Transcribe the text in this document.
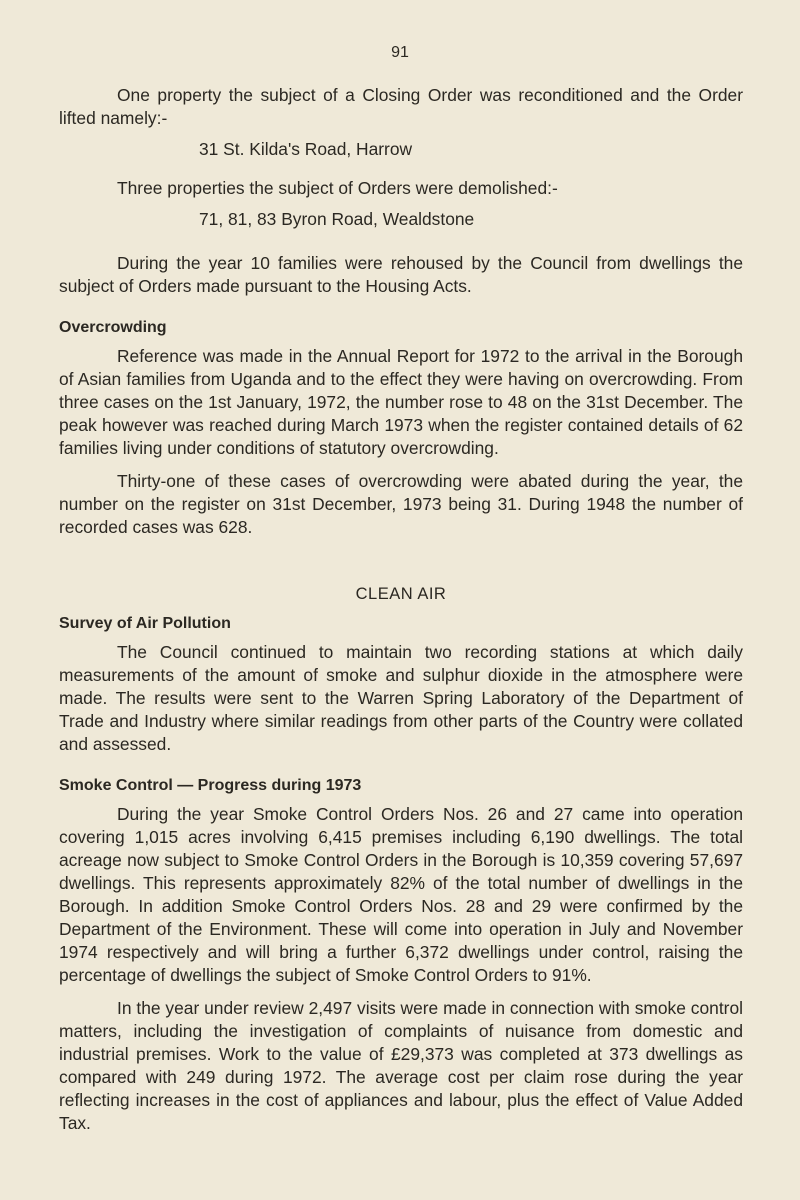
91

One property the subject of a Closing Order was reconditioned and the Order lifted namely:-

31 St. Kilda's Road, Harrow

Three properties the subject of Orders were demolished:-

71, 81, 83 Byron Road, Wealdstone

During the year 10 families were rehoused by the Council from dwellings the subject of Orders made pursuant to the Housing Acts.

Overcrowding

Reference was made in the Annual Report for 1972 to the arrival in the Borough of Asian families from Uganda and to the effect they were having on overcrowding. From three cases on the 1st January, 1972, the number rose to 48 on the 31st December. The peak however was reached during March 1973 when the register contained details of 62 families living under conditions of statutory overcrowding.

Thirty-one of these cases of overcrowding were abated during the year, the number on the register on 31st December, 1973 being 31. During 1948 the number of recorded cases was 628.

CLEAN AIR
Survey of Air Pollution

The Council continued to maintain two recording stations at which daily measurements of the amount of smoke and sulphur dioxide in the atmosphere were made. The results were sent to the Warren Spring Laboratory of the Department of Trade and Industry where similar readings from other parts of the Country were collated and assessed.

Smoke Control — Progress during 1973

During the year Smoke Control Orders Nos. 26 and 27 came into operation covering 1,015 acres involving 6,415 premises including 6,190 dwellings. The total acreage now subject to Smoke Control Orders in the Borough is 10,359 covering 57,697 dwellings. This represents approximately 82% of the total number of dwellings in the Borough. In addition Smoke Control Orders Nos. 28 and 29 were confirmed by the Department of the Environment. These will come into operation in July and November 1974 respectively and will bring a further 6,372 dwellings under control, raising the percentage of dwellings the subject of Smoke Control Orders to 91%.

In the year under review 2,497 visits were made in connection with smoke control matters, including the investigation of complaints of nuisance from domestic and industrial premises. Work to the value of £29,373 was completed at 373 dwellings as compared with 249 during 1972. The average cost per claim rose during the year reflecting increases in the cost of appliances and labour, plus the effect of Value Added Tax.
